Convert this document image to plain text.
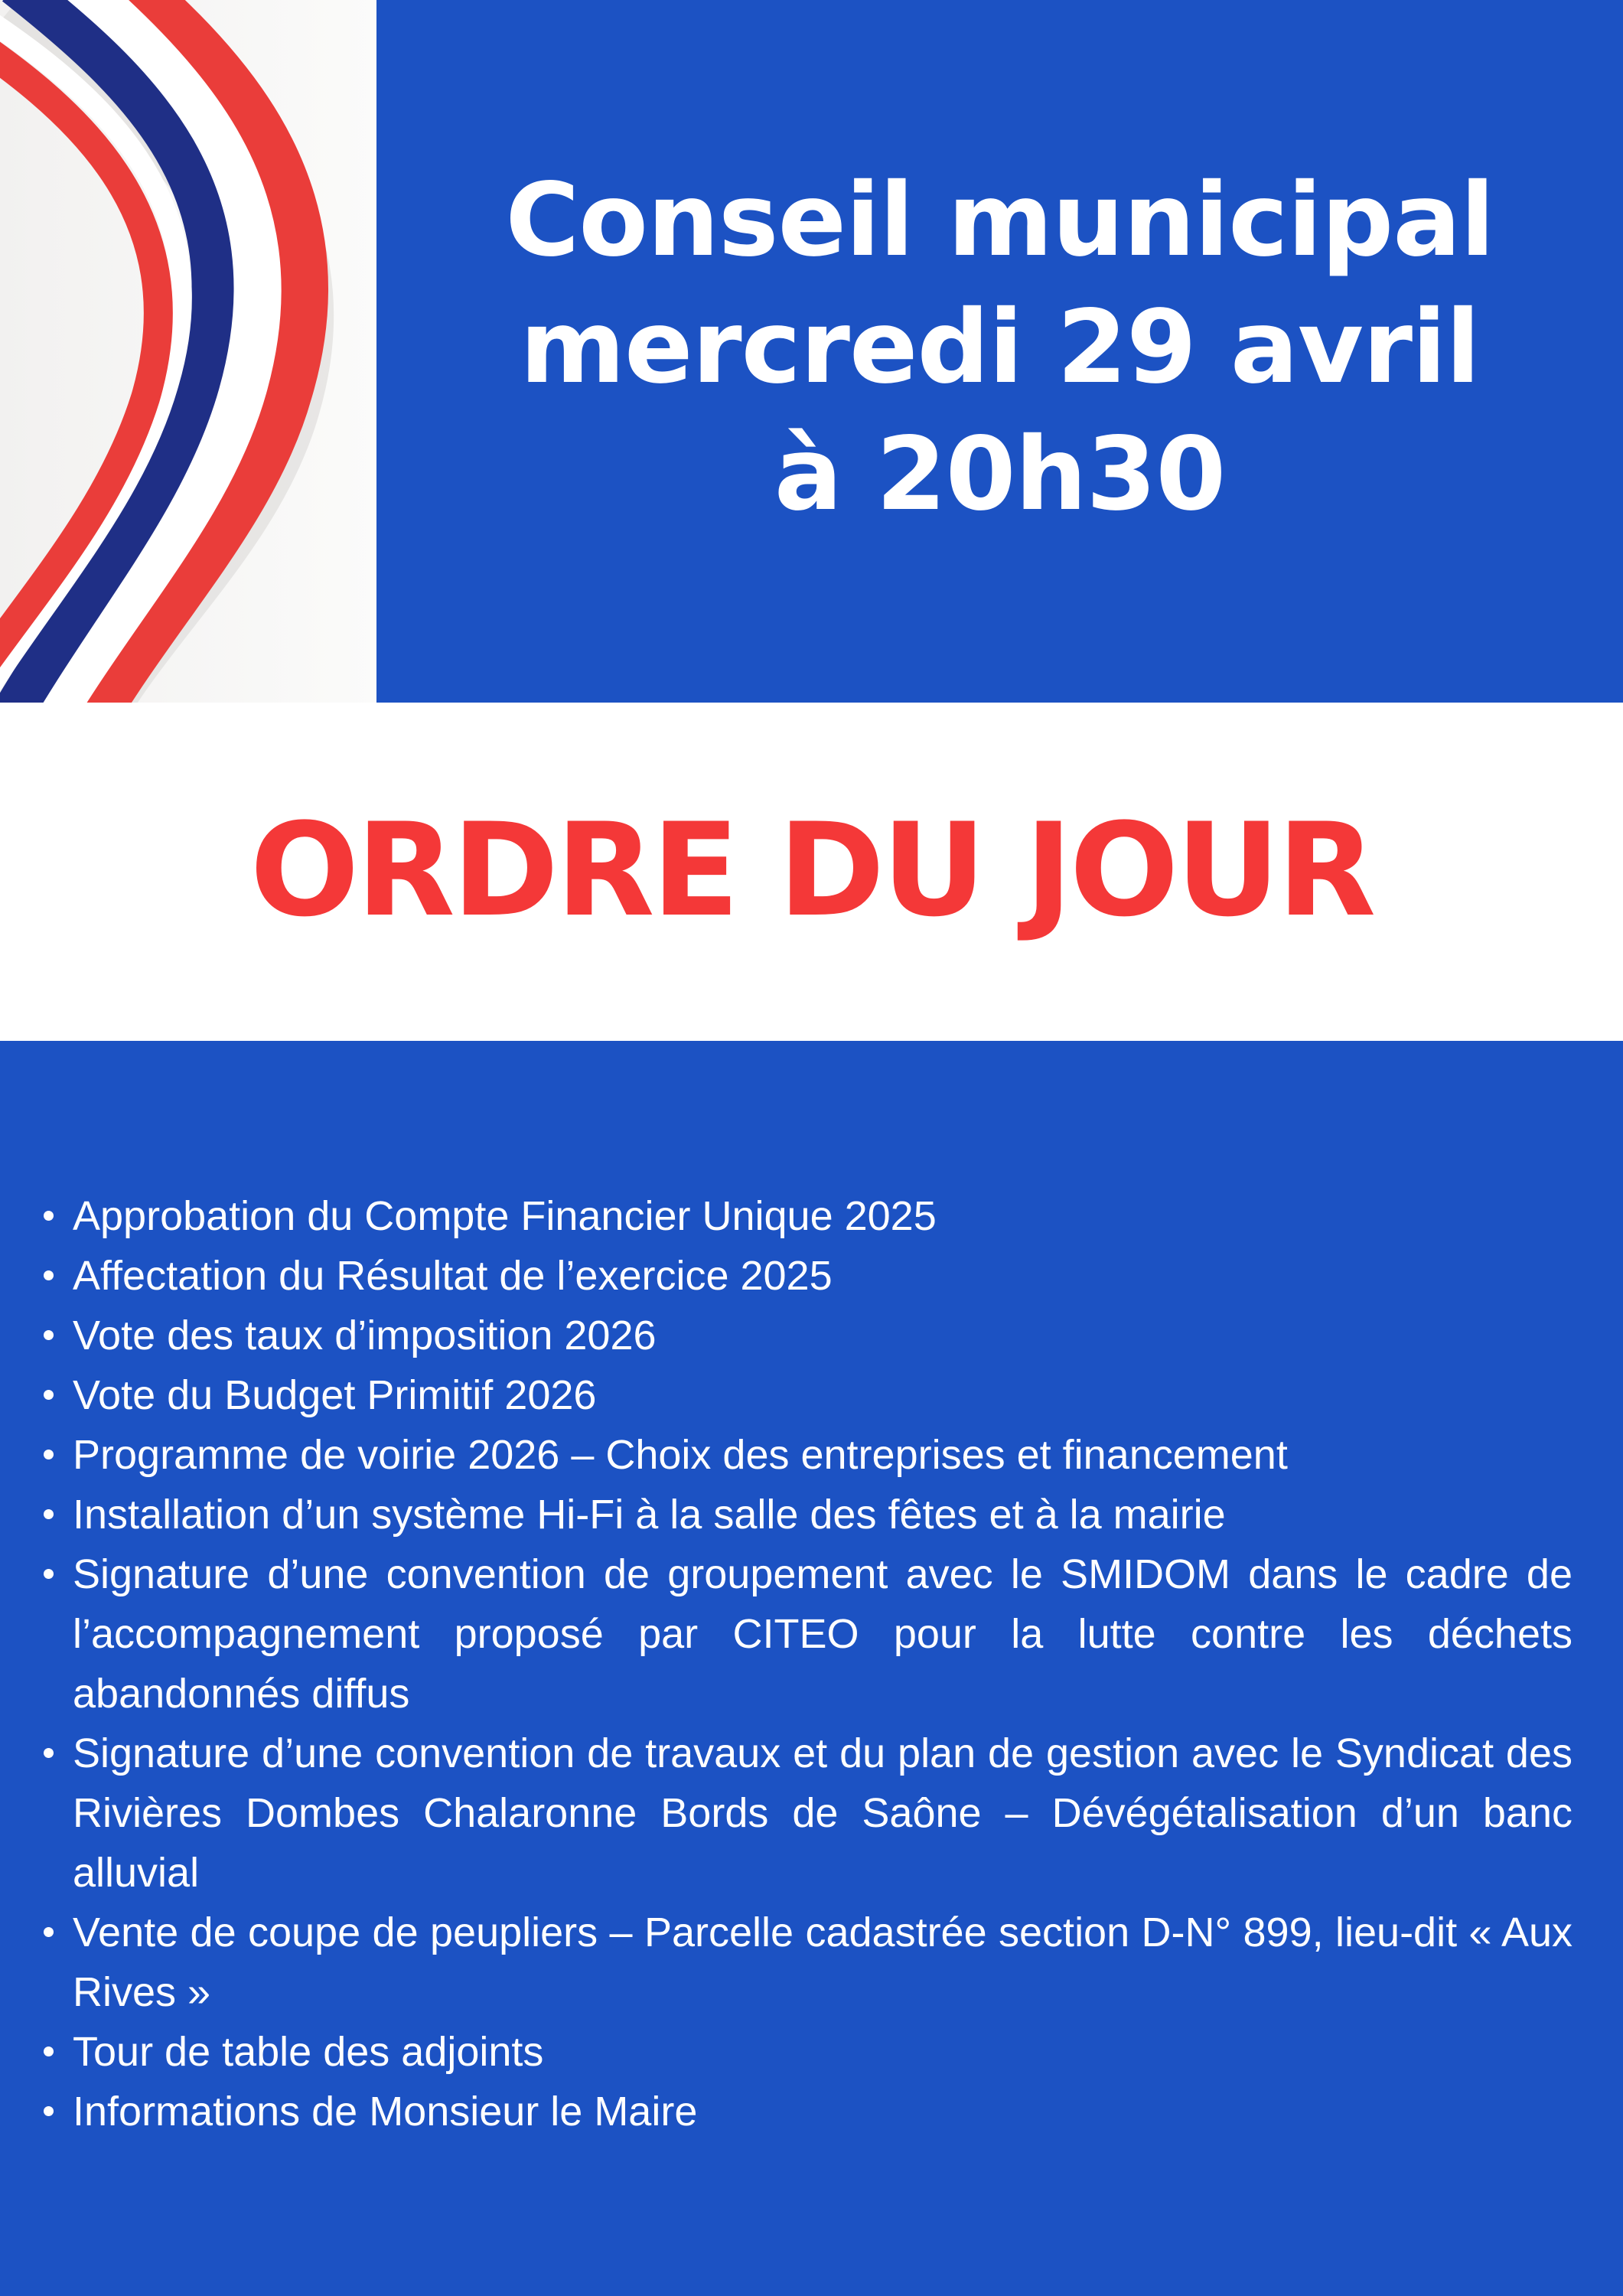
Conseil municipal
mercredi 29 avril
à 20h30
ORDRE DU JOUR
Approbation du Compte Financier Unique 2025
Affectation du Résultat de l’exercice 2025
Vote des taux d’imposition 2026
Vote du Budget Primitif 2026
Programme de voirie 2026 – Choix des entreprises et financement
Installation d’un système Hi-Fi à la salle des fêtes et à la mairie
Signature d’une convention de groupement avec le SMIDOM dans le cadre de l’accompagnement proposé par CITEO pour la lutte contre les déchets abandonnés diffus
Signature d’une convention de travaux et du plan de gestion avec le Syndicat des Rivières Dombes Chalaronne Bords de Saône – Dévégétalisation d’un banc alluvial
Vente de coupe de peupliers – Parcelle cadastrée section D-N° 899, lieu-dit « Aux Rives »
Tour de table des adjoints
Informations de Monsieur le Maire
